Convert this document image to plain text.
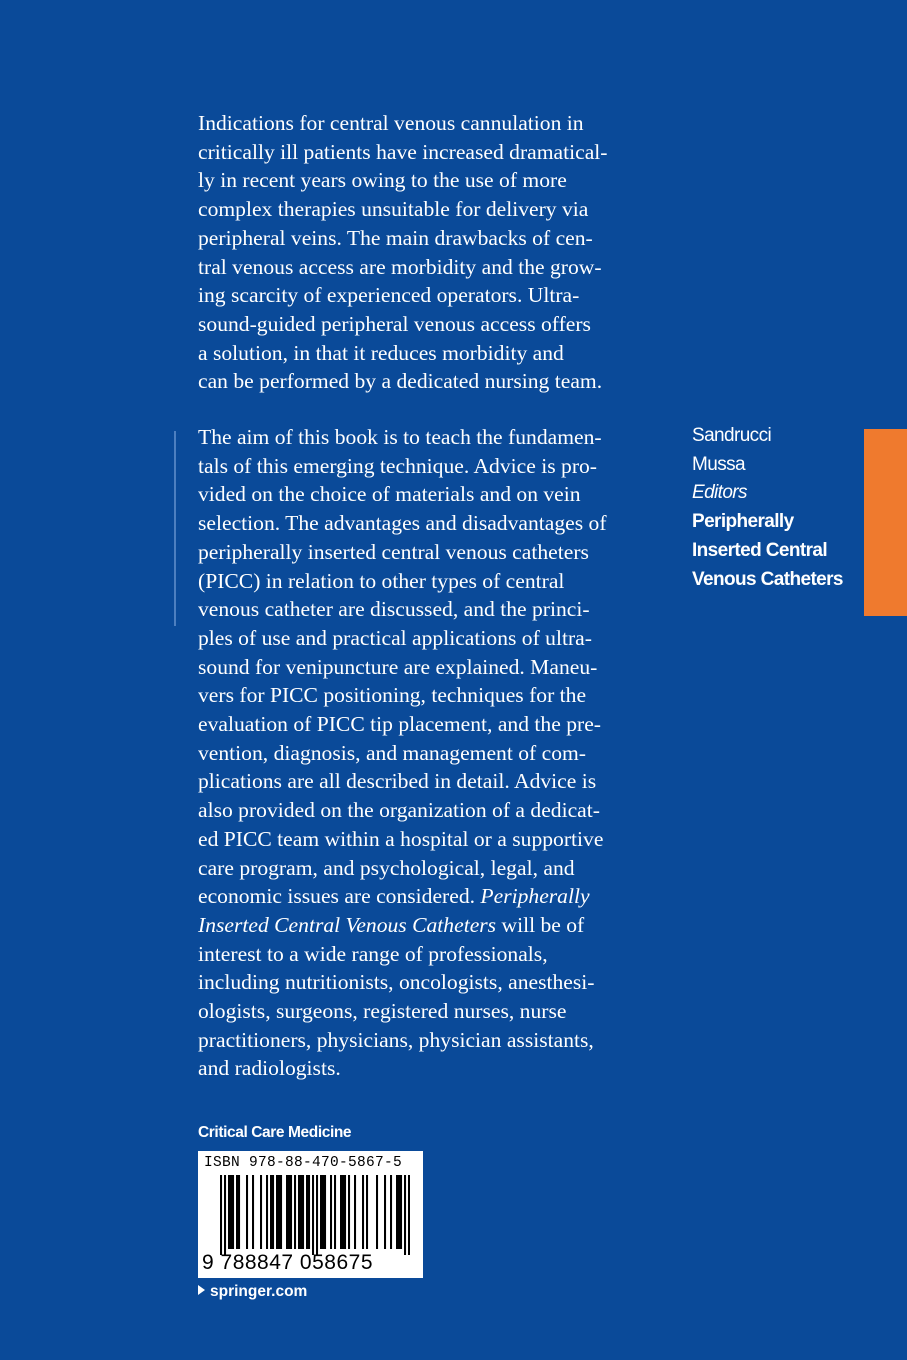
Indications for central venous cannulation in
critically ill patients have increased dramatical-
ly in recent years owing to the use of more
complex therapies unsuitable for delivery via
peripheral veins. The main drawbacks of cen-
tral venous access are morbidity and the grow-
ing scarcity of experienced operators. Ultra-
sound-guided peripheral venous access offers
a solution, in that it reduces morbidity and
can be performed by a dedicated nursing team.
The aim of this book is to teach the fundamen-
tals of this emerging technique. Advice is pro-
vided on the choice of materials and on vein
selection. The advantages and disadvantages of
peripherally inserted central venous catheters
(PICC) in relation to other types of central
venous catheter are discussed, and the princi-
ples of use and practical applications of ultra-
sound for venipuncture are explained. Maneu-
vers for PICC positioning, techniques for the
evaluation of PICC tip placement, and the pre-
vention, diagnosis, and management of com-
plications are all described in detail. Advice is
also provided on the organization of a dedicat-
ed PICC team within a hospital or a supportive
care program, and psychological, legal, and
economic issues are considered. Peripherally
Inserted Central Venous Catheters will be of
interest to a wide range of professionals,
including nutritionists, oncologists, anesthesi-
ologists, surgeons, registered nurses, nurse
practitioners, physicians, physician assistants,
and radiologists.
Sandrucci
Mussa
Editors
Peripherally
Inserted Central
Venous Catheters
Critical Care Medicine
ISBN 978-88-470-5867-5
9 788847 058675
springer.com
